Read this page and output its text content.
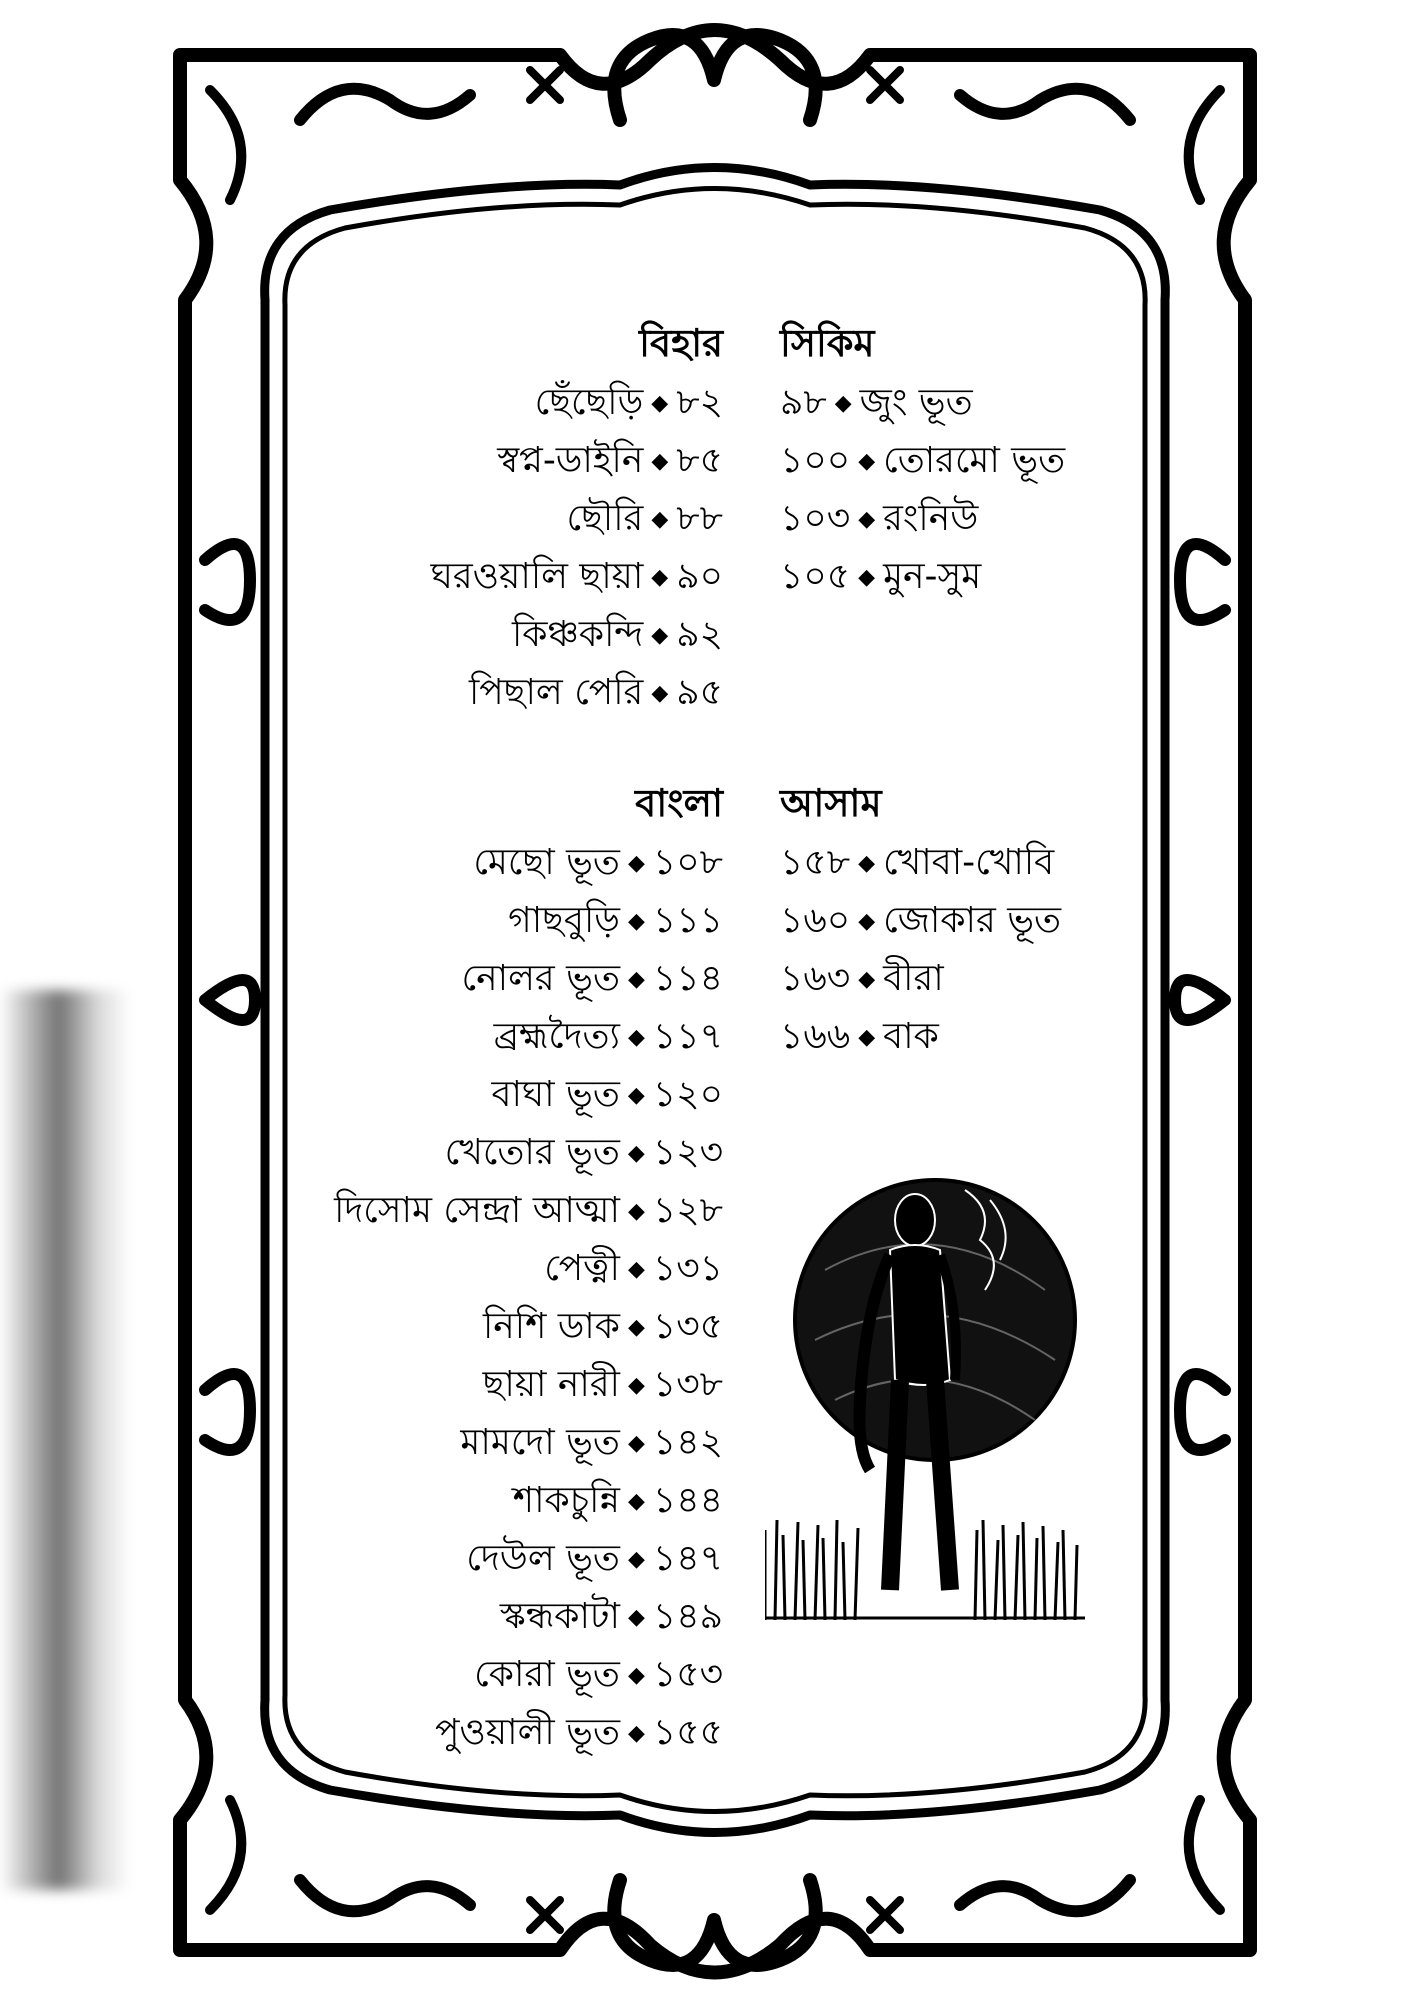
বিহার
ছেঁছেড়ি ◆ ৮২
স্বপ্ন-ডাইনি ◆ ৮৫
ছৌরি ◆ ৮৮
ঘরওয়ালি ছায়া ◆ ৯০
কিঞ্চকন্দি ◆ ৯২
পিছাল পেরি ◆ ৯৫
সিকিম
৯৮ ◆ জুং ভূত
১০০ ◆ তোরমো ভূত
১০৩ ◆ রংনিউ
১০৫ ◆ মুন-সুম
বাংলা
মেছো ভূত ◆ ১০৮
গাছবুড়ি ◆ ১১১
নোলর ভূত ◆ ১১৪
ব্রহ্মদৈত্য ◆ ১১৭
বাঘা ভূত ◆ ১২০
খেতোর ভূত ◆ ১২৩
দিসোম সেন্দ্রা আত্মা ◆ ১২৮
পেত্নী ◆ ১৩১
নিশি ডাক ◆ ১৩৫
ছায়া নারী ◆ ১৩৮
মামদো ভূত ◆ ১৪২
শাকচুন্নি ◆ ১৪৪
দেউল ভূত ◆ ১৪৭
স্কন্ধকাটা ◆ ১৪৯
কোরা ভূত ◆ ১৫৩
পুওয়ালী ভূত ◆ ১৫৫
আসাম
১৫৮ ◆ খোবা-খোবি
১৬০ ◆ জোকার ভূত
১৬৩ ◆ বীরা
১৬৬ ◆ বাক
